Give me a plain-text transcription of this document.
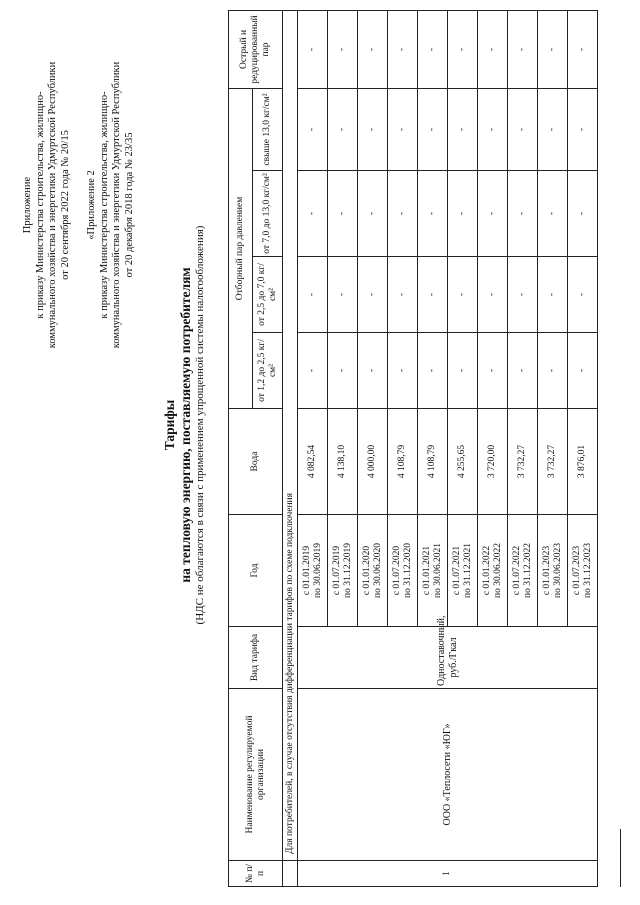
Приложение к приказу Министерства строительства, жилищно- коммунального хозяйства и энергетики Удмуртской Республики от 20 сентября 2022 года № 20/15 «Приложение 2 к приказу Министерства строительства, жилищно- коммунального хозяйства и энергетики Удмуртской Республики от 20 декабря 2018 года № 23/35
Тарифы на тепловую энергию, поставляемую потребителям (НДС не облагаются в связи с применением упрощенной системы налогообложения)
№ п/п	Наименование регулируемой организации	Вид тарифа	Год	Вода	Отборный пар давлением				Острый и редуцированный пар
					от 1,2 до 2,5 кг/см²	от 2,5 до 7,0 кг/см²	от 7,0 до 13,0 кг/см²	свыше 13,0 кг/см²	
	Для потребителей, в случае отсутствия дифференциации тарифов по схеме подключения								
1	ООО «Теплосети «ЮГ»	Одноставочный, руб./Гкал	с 01.01.2019 по 30.06.2019	4 082,54	-	-	-	-	-

			с 01.07.2019 по 31.12.2019	4 138,10	-	-	-	-	-

			с 01.01.2020 по 30.06.2020	4 000,00	-	-	-	-	-

			с 01.07.2020 по 31.12.2020	4 108,79	-	-	-	-	-

			с 01.01.2021 по 30.06.2021	4 108,79	-	-	-	-	-

			с 01.07.2021 по 31.12.2021	4 255,65	-	-	-	-	-

			с 01.01.2022 по 30.06.2022	3 720,00	-	-	-	-	-

			с 01.07.2022 по 31.12.2022	3 732,27	-	-	-	-	-

			с 01.01.2023 по 30.06.2023	3 732,27	-	-	-	-	-

			с 01.07.2023 по 31.12.2023	3 876,01	-	-	-	-	-
